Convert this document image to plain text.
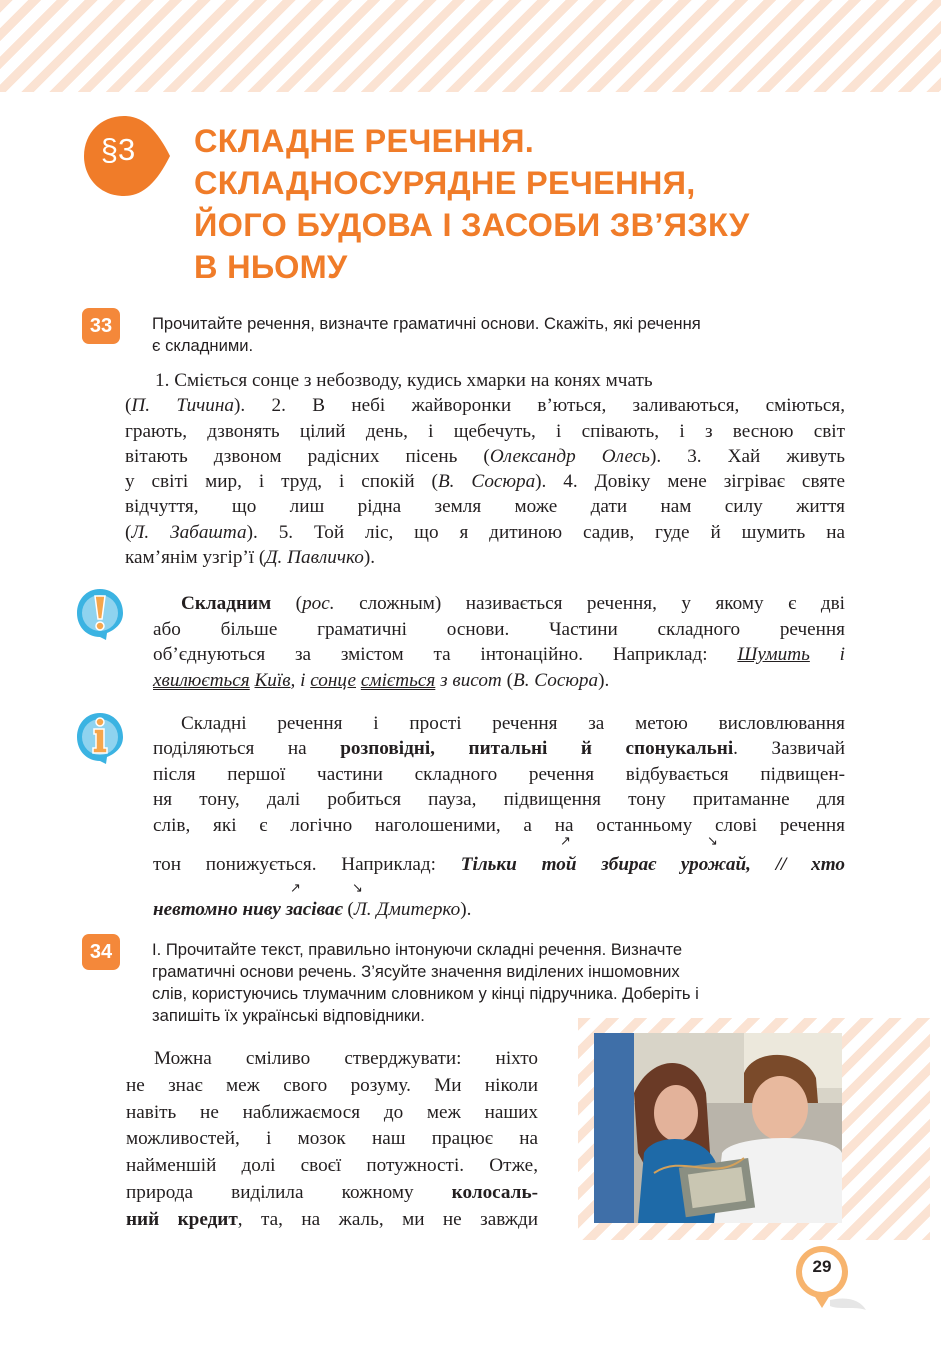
§3 СКЛАДНЕ РЕЧЕННЯ.
СКЛАДНОСУРЯДНЕ РЕЧЕННЯ,
ЙОГО БУДОВА І ЗАСОБИ ЗВ’ЯЗКУ
В НЬОМУ
33	Прочитайте речення, визначте граматичні основи. Скажіть, які речення
є складними.
1. Сміється сонце з небозводу, кудись хмарки на конях мчать
(П. Тичина). 2. В небі жайворонки в’ються, заливаються, сміються,
грають, дзвонять цілий день, і щебечуть, і співають, і з весною світ
вітають дзвоном радісних пісень (Олександр Олесь). 3. Хай живуть
у світі мир, і труд, і спокій (В. Сосюра). 4. Довіку мене зігріває святе
відчуття, що лиш рідна земля може дати нам силу життя
(Л. Забашта). 5. Той ліс, що я дитиною садив, гуде й шумить на
кам’янім узгір’ї (Д. Павличко).
Складним (рос. сложным) називається речення, у якому є дві
або більше граматичні основи. Частини складного речення
об’єднуються за змістом та інтонаційно. Наприклад: Шумить і
хвилюється Київ, і сонце сміється з висот (В. Сосюра).
Складні речення і прості речення за метою висловлювання
поділяються на розповідні, питальні й спонукальні. Зазвичай
після першої частини складного речення відбувається підвищен-
ня тону, далі робиться пауза, підвищення тону притаманне для
слів, які є логічно наголошеними, а на останньому слові речення
тон понижується. Наприклад: Тільки той збирає урожай, // хто
невтомно ниву засіває (Л. Дмитерко).
↗	↘
↗	↘
34	І. Прочитайте текст, правильно інтонуючи складні речення. Визначте
граматичні основи речень. З’ясуйте значення виділених іншомовних
слів, користуючись тлумачним словником у кінці підручника. Доберіть і
запишіть їх українські відповідники.
Можна сміливо стверджувати: ніхто
не знає меж свого розуму. Ми ніколи
навіть не наближаємося до меж наших
можливостей, і мозок наш працює на
найменшій долі своєї потужності. Отже,
природа виділила кожному колосаль-
ний кредит, та, на жаль, ми не завжди
29
